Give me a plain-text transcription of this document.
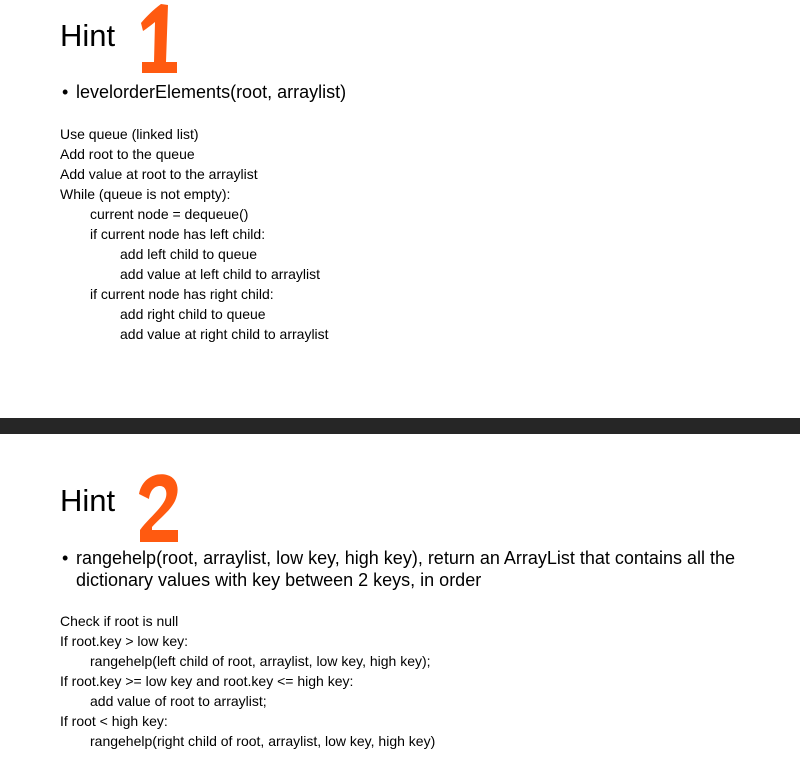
Hint

• levelorderElements(root, arraylist)

Use queue (linked list)
Add root to the queue
Add value at root to the arraylist
While (queue is not empty):
current node = dequeue()
if current node has left child:
add left child to queue
add value at left child to arraylist
if current node has right child:
add right child to queue
add value at right child to arraylist
Hint

• rangehelp(root, arraylist, low key, high key), return an ArrayList that contains all the dictionary values with key between 2 keys, in order

Check if root is null
If root.key > low key:
rangehelp(left child of root, arraylist, low key, high key);
If root.key >= low key and root.key <= high key:
add value of root to arraylist;
If root < high key:
rangehelp(right child of root, arraylist, low key, high key)
